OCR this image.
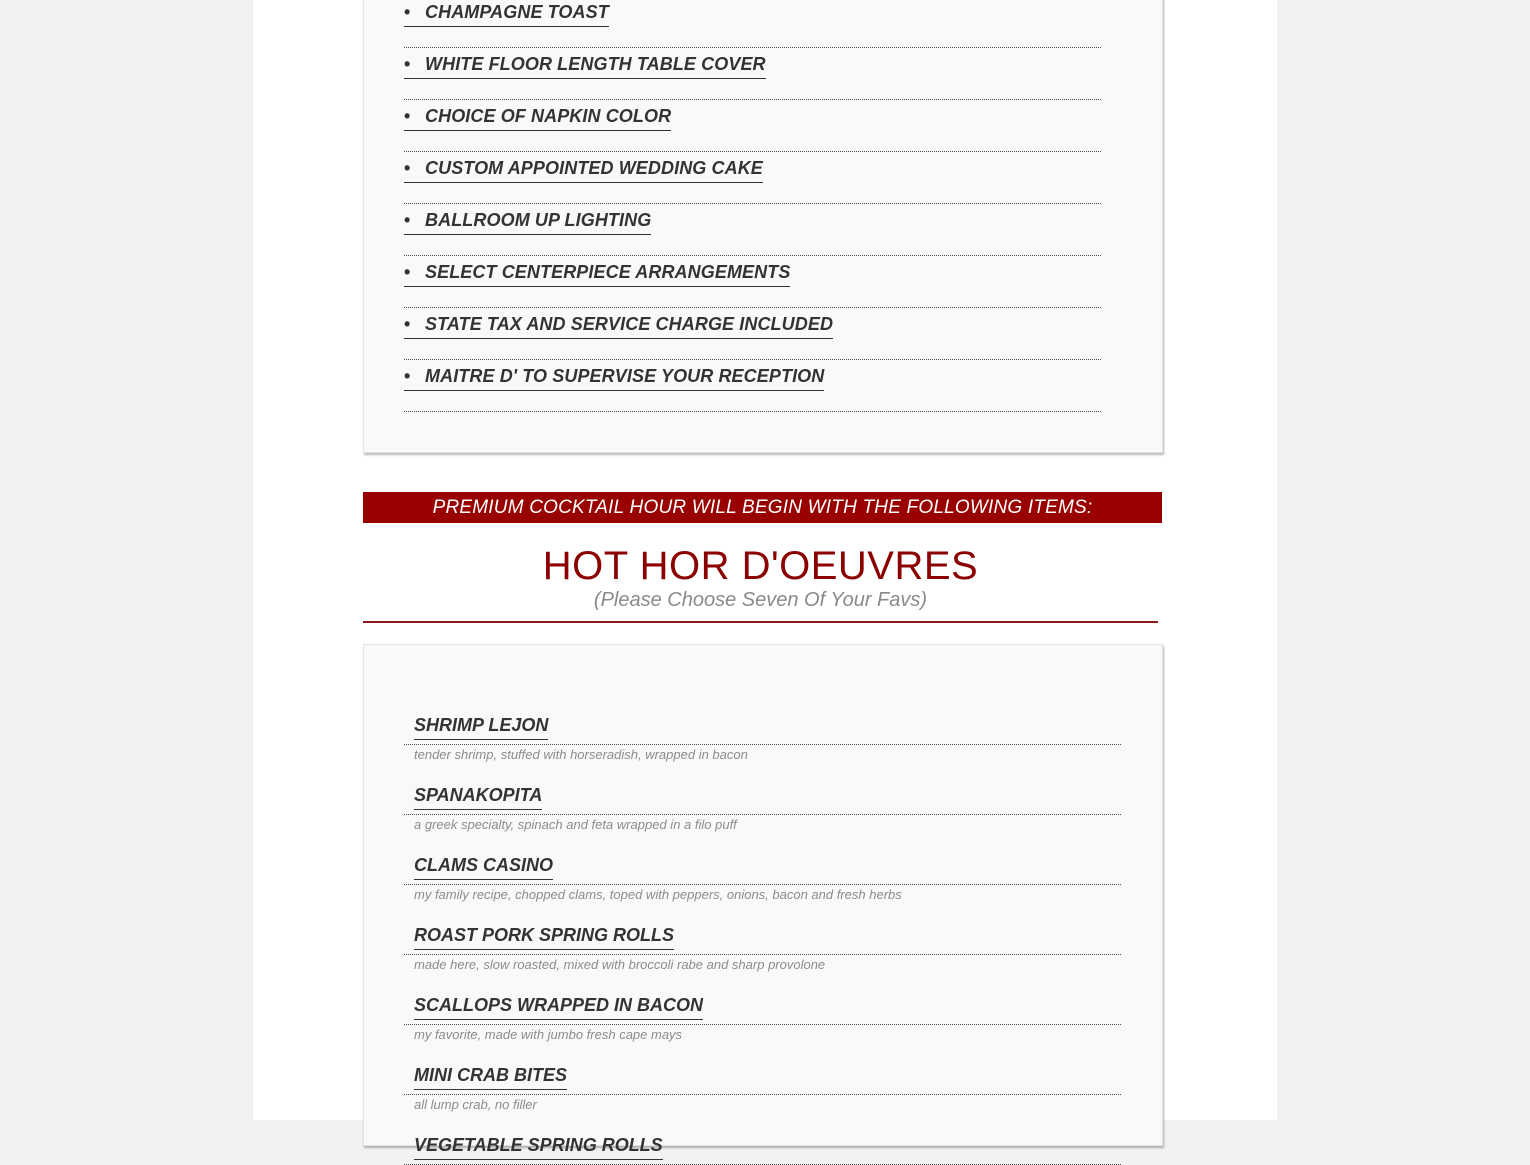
• CHAMPAGNE TOAST
• WHITE FLOOR LENGTH TABLE COVER
• CHOICE OF NAPKIN COLOR
• CUSTOM APPOINTED WEDDING CAKE
• BALLROOM UP LIGHTING
• SELECT CENTERPIECE ARRANGEMENTS
• STATE TAX AND SERVICE CHARGE INCLUDED
• MAITRE D' TO SUPERVISE YOUR RECEPTION
PREMIUM COCKTAIL HOUR WILL BEGIN WITH THE FOLLOWING ITEMS:
HOT HOR D'OEUVRES
(Please Choose Seven Of Your Favs)
SHRIMP LEJON
tender shrimp, stuffed with horseradish, wrapped in bacon
SPANAKOPITA
a greek specialty, spinach and feta wrapped in a filo puff
CLAMS CASINO
my family recipe, chopped clams, toped with peppers, onions, bacon and fresh herbs
ROAST PORK SPRING ROLLS
made here, slow roasted, mixed with broccoli rabe and sharp provolone
SCALLOPS WRAPPED IN BACON
my favorite, made with jumbo fresh cape mays
MINI CRAB BITES
all lump crab, no filler
VEGETABLE SPRING ROLLS
